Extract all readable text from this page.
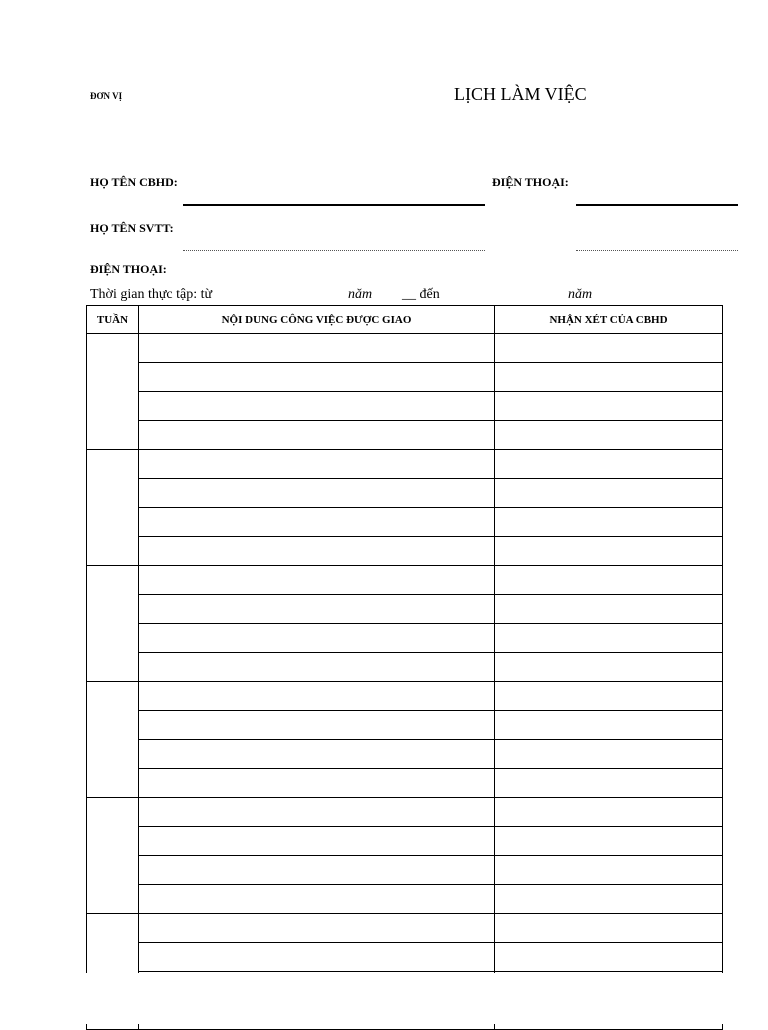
ĐƠN VỊ	LỊCH LÀM VIỆC
HỌ TÊN CBHD:	ĐIỆN THOẠI:
HỌ TÊN SVTT:
ĐIỆN THOẠI:
Thời gian thực tập: từ	năm __ đến	năm
TUẦN	NỘI DUNG CÔNG VIỆC ĐƯỢC GIAO	NHẬN XÉT CỦA CBHD
